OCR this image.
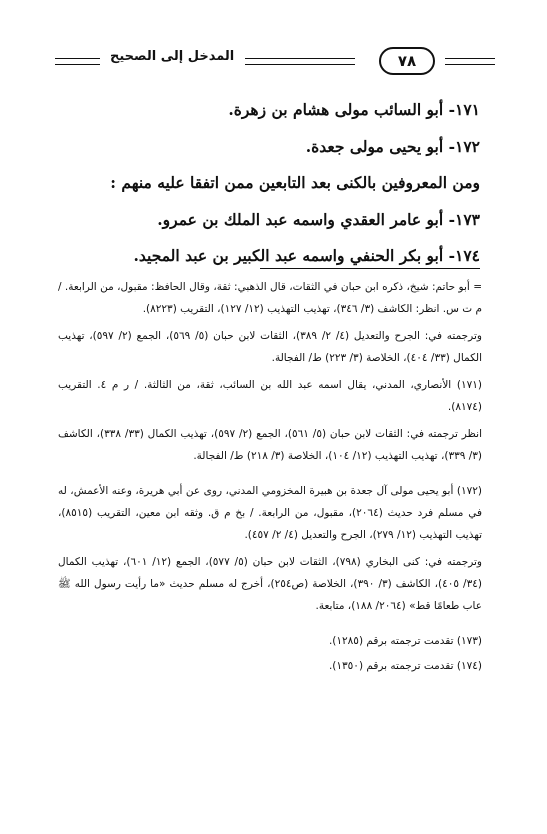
المدخل إلى الصحيح	٧٨

١٧١- أبو السائب مولى هشام بن زهرة.

١٧٢- أبو يحيى مولى جعدة.

ومن المعروفين بالكنى بعد التابعين ممن اتفقا عليه منهم :

١٧٣- أبو عامر العقدي واسمه عبد الملك بن عمرو.

١٧٤- أبو بكر الحنفي واسمه عبد الكبير بن عبد المجيد.

= أبو حاتم: شيخ، ذكره ابن حبان في الثقات، قال الذهبي: ثقة، وقال الحافظ: مقبول، من الرابعة. / م ت س. انظر: الكاشف (٣/ ٣٤٦)، تهذيب التهذيب (١٢/ ١٢٧)، التقريب (٨٢٢٣).

وترجمته في: الجرح والتعديل (٤/ ٢/ ٣٨٩)، الثقات لابن حبان (٥/ ٥٦٩)، الجمع (٢/ ٥٩٧)، تهذيب الكمال (٣٣/ ٤٠٤)، الخلاصة (٣/ ٢٢٣) ط/ الفجالة.

(١٧١) الأنصاري، المدني، يقال اسمه عبد الله بن السائب، ثقة، من الثالثة. / ر م ٤. التقريب (٨١٧٤).

انظر ترجمته في: الثقات لابن حبان (٥/ ٥٦١)، الجمع (٢/ ٥٩٧)، تهذيب الكمال (٣٣/ ٣٣٨)، الكاشف (٣/ ٣٣٩)، تهذيب التهذيب (١٢/ ١٠٤)، الخلاصة (٣/ ٢١٨) ط/ الفجالة.

(١٧٢) أبو يحيى مولى آل جعدة بن هبيرة المخزومي المدني، روى عن أبي هريرة، وعنه الأعمش، له في مسلم فرد حديث (٢٠٦٤)، مقبول، من الرابعة. / بخ م ق. وثقه ابن معين، التقريب (٨٥١٥)، تهذيب التهذيب (١٢/ ٢٧٩)، الجرح والتعديل (٤/ ٢/ ٤٥٧).

وترجمته في: كنى البخاري (٧٩٨)، الثقات لابن حبان (٥/ ٥٧٧)، الجمع (١٢/ ٦٠١)، تهذيب الكمال (٣٤/ ٤٠٥)، الكاشف (٣/ ٣٩٠)، الخلاصة (ص٢٥٤)، أخرج له مسلم حديث «ما رأيت رسول الله ﷺ عاب طعامًا قط» (٢٠٦٤/ ١٨٨)، متابعة.

(١٧٣) تقدمت ترجمته برقم (١٢٨٥).

(١٧٤) تقدمت ترجمته برقم (١٣٥٠).
